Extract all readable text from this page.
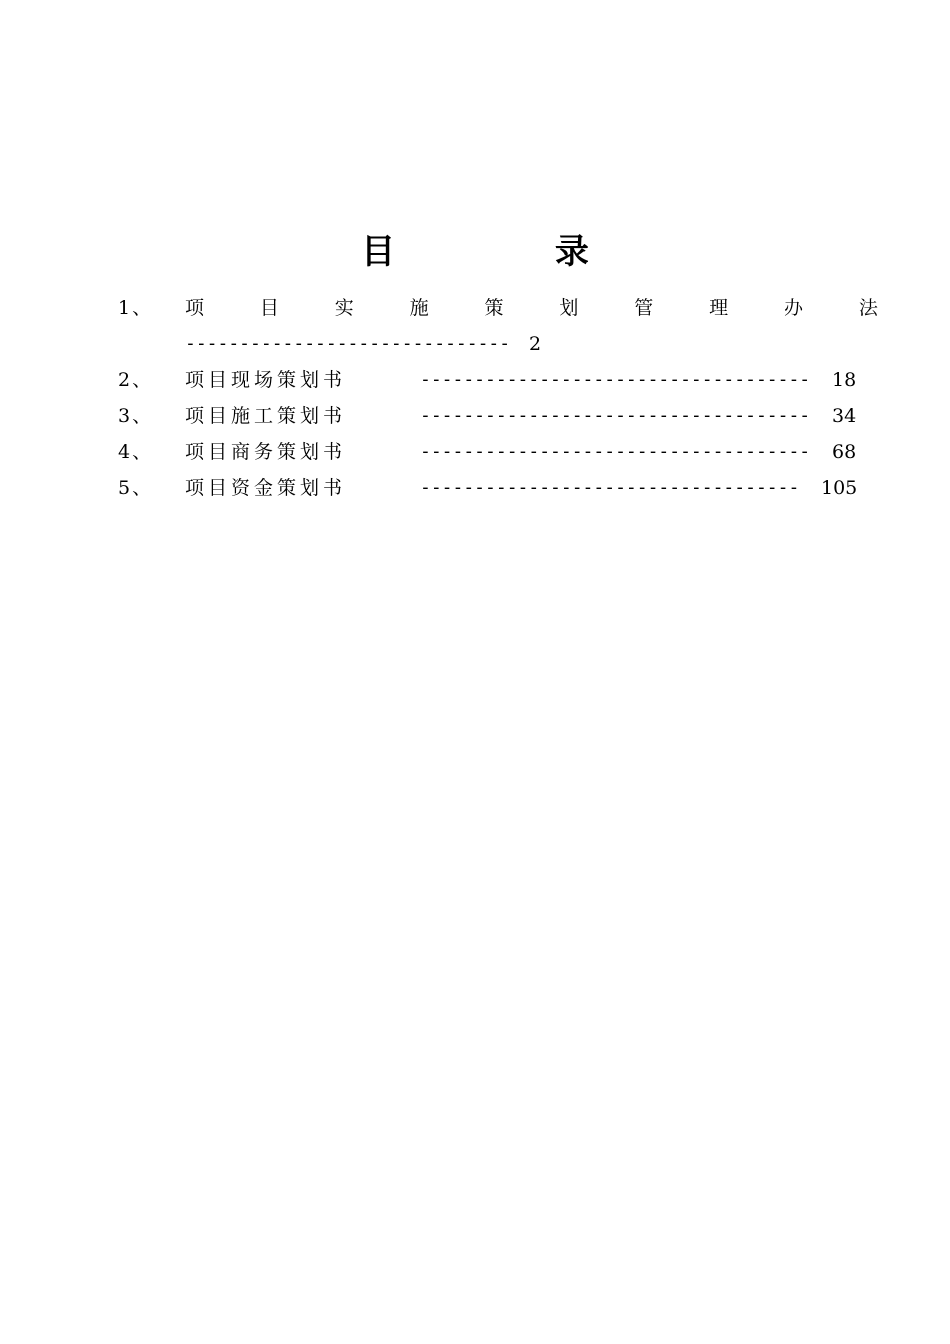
目 录
1、	项	目	实	施	策	划	管	理	办	法
------------------------------ 2
2、	项目现场策划书	------------------------------------ 18
3、	项目施工策划书	------------------------------------ 34
4、	项目商务策划书	------------------------------------ 68
5、	项目资金策划书	----------------------------------- 105
